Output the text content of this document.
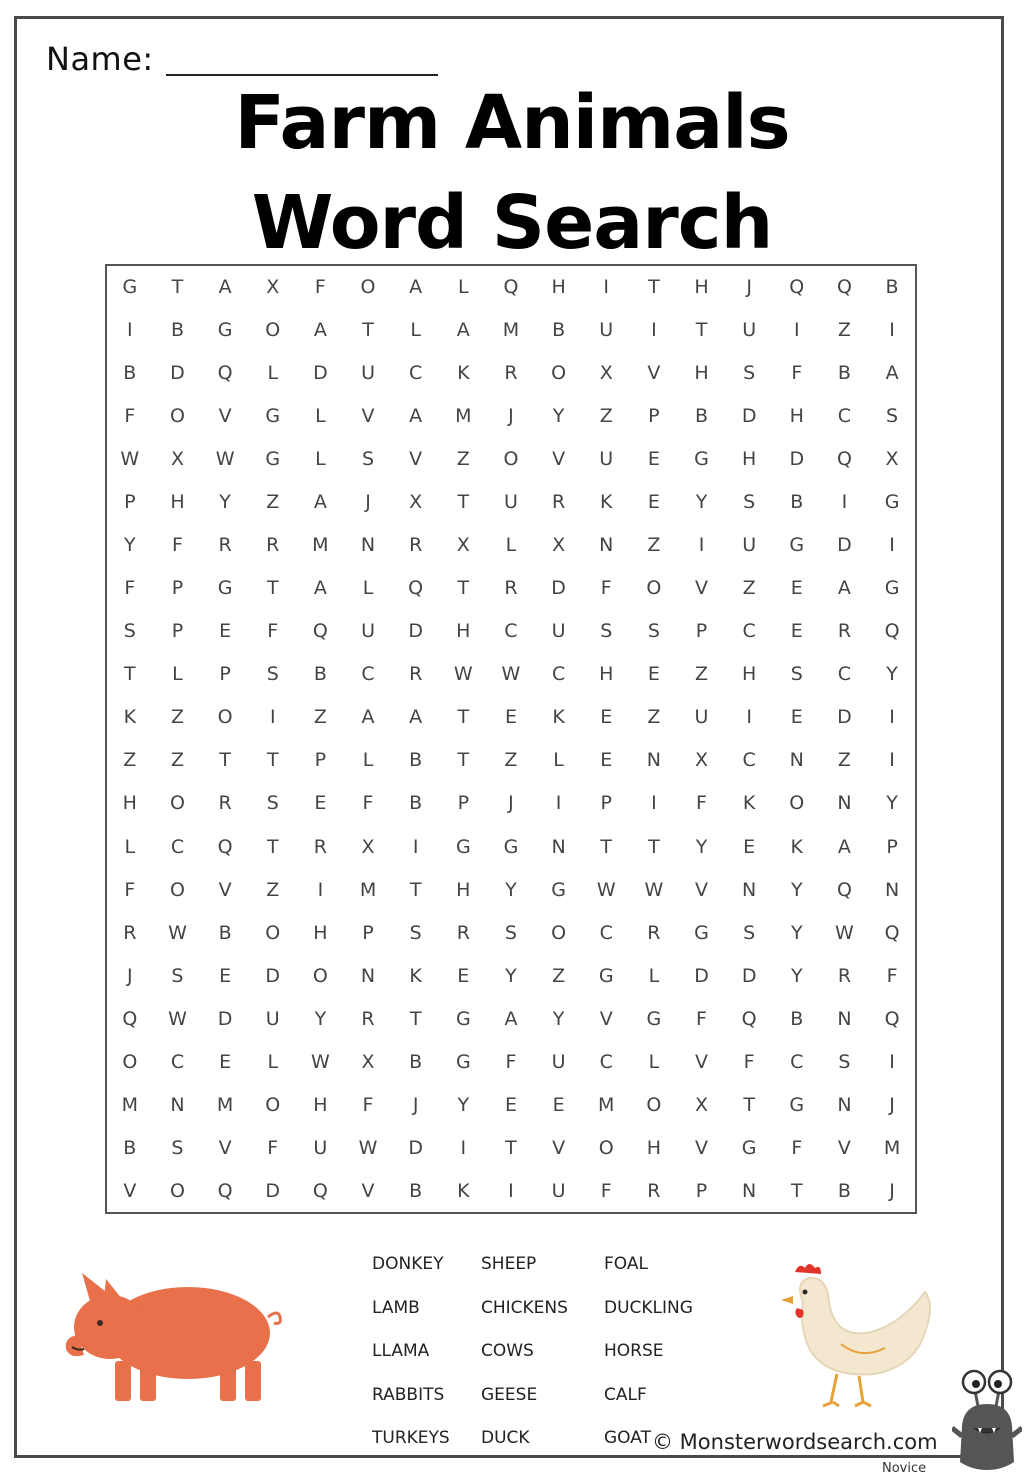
Name:
Farm Animals
Word Search
G	T	A	X	F	O	A	L	Q	H	I	T	H	J	Q	Q	B
I	B	G	O	A	T	L	A	M	B	U	I	T	U	I	Z	I
B	D	Q	L	D	U	C	K	R	O	X	V	H	S	F	B	A
F	O	V	G	L	V	A	M	J	Y	Z	P	B	D	H	C	S
W	X	W	G	L	S	V	Z	O	V	U	E	G	H	D	Q	X
P	H	Y	Z	A	J	X	T	U	R	K	E	Y	S	B	I	G
Y	F	R	R	M	N	R	X	L	X	N	Z	I	U	G	D	I
F	P	G	T	A	L	Q	T	R	D	F	O	V	Z	E	A	G
S	P	E	F	Q	U	D	H	C	U	S	S	P	C	E	R	Q
T	L	P	S	B	C	R	W	W	C	H	E	Z	H	S	C	Y
K	Z	O	I	Z	A	A	T	E	K	E	Z	U	I	E	D	I
Z	Z	T	T	P	L	B	T	Z	L	E	N	X	C	N	Z	I
H	O	R	S	E	F	B	P	J	I	P	I	F	K	O	N	Y
L	C	Q	T	R	X	I	G	G	N	T	T	Y	E	K	A	P
F	O	V	Z	I	M	T	H	Y	G	W	W	V	N	Y	Q	N
R	W	B	O	H	P	S	R	S	O	C	R	G	S	Y	W	Q
J	S	E	D	O	N	K	E	Y	Z	G	L	D	D	Y	R	F
Q	W	D	U	Y	R	T	G	A	Y	V	G	F	Q	B	N	Q
O	C	E	L	W	X	B	G	F	U	C	L	V	F	C	S	I
M	N	M	O	H	F	J	Y	E	E	M	O	X	T	G	N	J
B	S	V	F	U	W	D	I	T	V	O	H	V	G	F	V	M
V	O	Q	D	Q	V	B	K	I	U	F	R	P	N	T	B	J
DONKEY
LAMB
LLAMA
RABBITS
TURKEYS
SHEEP
CHICKENS
COWS
GEESE
DUCK
FOAL
DUCKLING
HORSE
CALF
GOAT © Monsterwordsearch.com
Novice
